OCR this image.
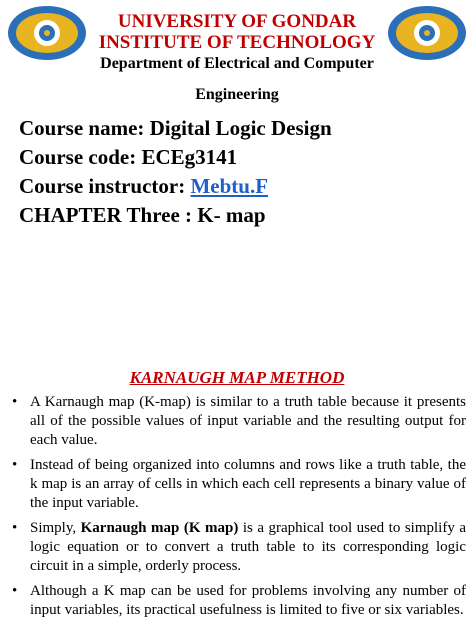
UNIVERSITY OF GONDAR
INSTITUTE OF TECHNOLOGY
Department of Electrical and Computer
Engineering
Course name: Digital Logic Design
Course code: ECEg3141
Course instructor: Mebtu.F
CHAPTER Three : K- map
KARNAUGH MAP METHOD
• A Karnaugh map (K-map) is similar to a truth table because it presents all of the possible values of input variable and the resulting output for each value.
• Instead of being organized into columns and rows like a truth table, the k map is an array of cells in which each cell represents a binary value of the input variable.
• Simply, Karnaugh map (K map) is a graphical tool used to simplify a logic equation or to convert a truth table to its corresponding logic circuit in a simple, orderly process.
• Although a K map can be used for problems involving any number of input variables, its practical usefulness is limited to five or six variables.
